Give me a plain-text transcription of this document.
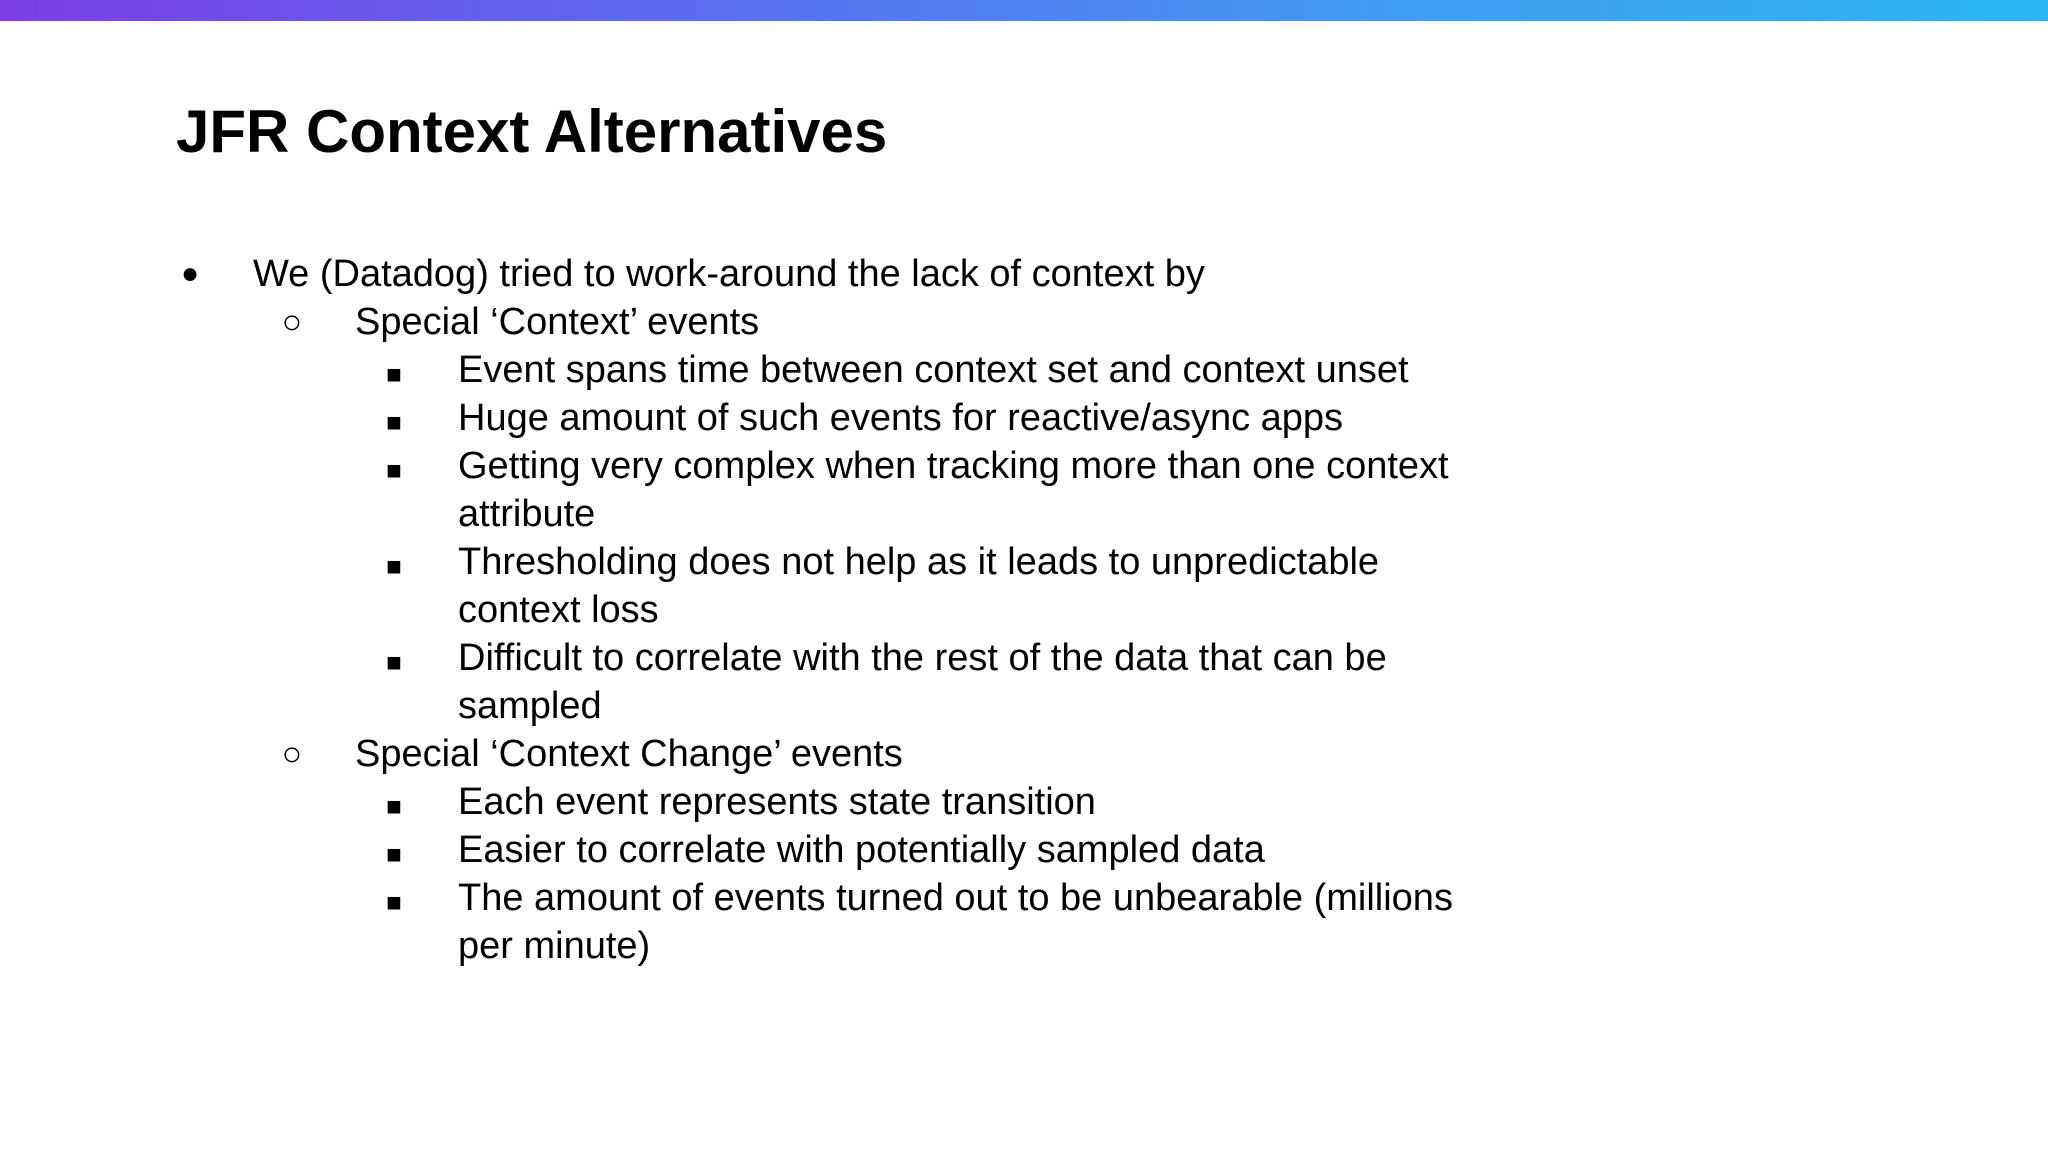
JFR Context Alternatives
● We (Datadog) tried to work-around the lack of context by
○ Special ‘Context’ events
■	Event spans time between context set and context unset
■	Huge amount of such events for reactive/async apps
■	Getting very complex when tracking more than one context
attribute
■	Thresholding does not help as it leads to unpredictable
context loss
■	Difficult to correlate with the rest of the data that can be
sampled
○ Special ‘Context Change’ events
■	Each event represents state transition
■	Easier to correlate with potentially sampled data
■	The amount of events turned out to be unbearable (millions
per minute)
